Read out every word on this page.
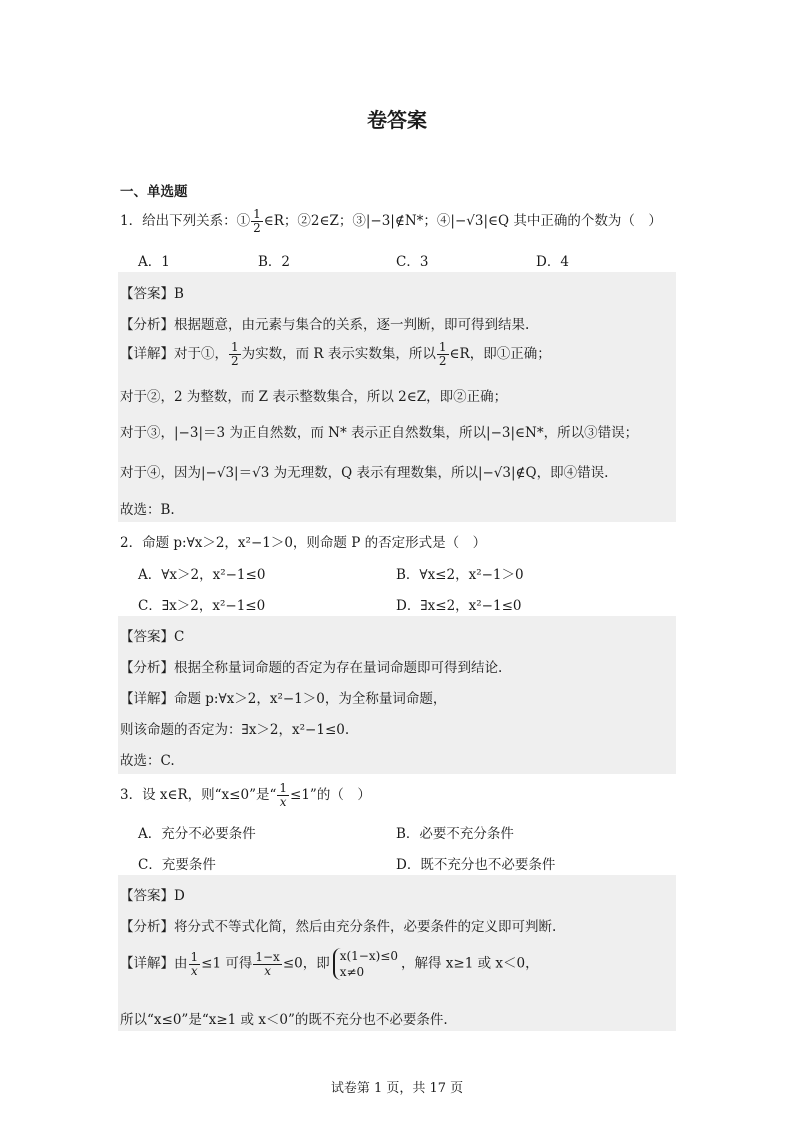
卷答案
一、单选题
1．给出下列关系：① $\frac{1}{2}$ ∈R；②2∈Z；③|−3|∉N*；④|−√3|∈Q 其中正确的个数为（　）
A．1	B．2	C．3	D．4
【答案】B
【分析】根据题意，由元素与集合的关系，逐一判断，即可得到结果.
【详解】对于①， $\frac{1}{2}$ 为实数，而 R 表示实数集，所以 $\frac{1}{2}$ ∈R，即①正确；
对于②，2 为整数，而 Z 表示整数集合，所以 2∈Z，即②正确；
对于③，|−3|＝3 为正自然数，而 N* 表示正自然数集，所以|−3|∈N*，所以③错误；
对于④，因为|−√3|＝√3 为无理数，Q 表示有理数集，所以|−√3|∉Q，即④错误.
故选：B.
2．命题 p:∀x＞2，x²−1＞0，则命题 P 的否定形式是（　）
A．∀x＞2，x²−1≤0	B．∀x≤2，x²−1＞0
C．∃x＞2，x²−1≤0	D．∃x≤2，x²−1≤0
【答案】C
【分析】根据全称量词命题的否定为存在量词命题即可得到结论.
【详解】命题 p:∀x＞2，x²−1＞0，为全称量词命题，
则该命题的否定为：∃x＞2，x²−1≤0.
故选：C.
3．设 x∈R，则“x≤0”是“ $\frac{1}{x} \le 1$”的（　）
A．充分不必要条件	B．必要不充分条件
C．充要条件	D．既不充分也不必要条件
【答案】D
【分析】将分式不等式化简，然后由充分条件，必要条件的定义即可判断.
【详解】由 $\frac{1}{x} \le 1$ 可得 $\frac{1-x}{x} \le 0$，即 x(1−x)≤0
x≠0
，解得 x≥1 或 x＜0，
所以“x≤0”是“x≥1 或 x＜0”的既不充分也不必要条件.
试卷第 1 页，共 17 页
